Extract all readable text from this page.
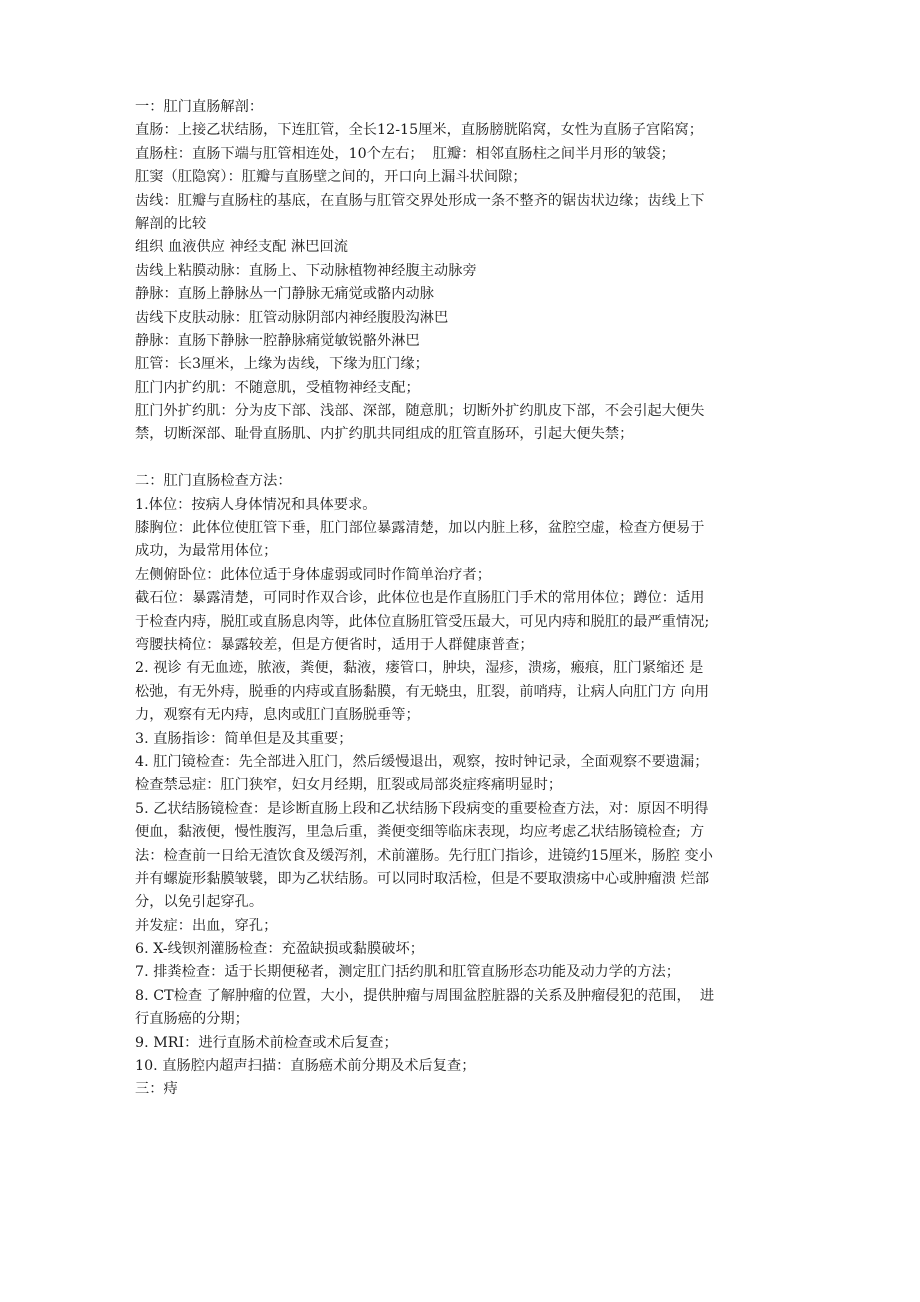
一：肛门直肠解剖：
直肠：上接乙状结肠，下连肛管，全长12-15厘米，直肠膀胱陷窝，女性为直肠子宫陷窝；
直肠柱：直肠下端与肛管相连处，10个左右；  肛瓣：相邻直肠柱之间半月形的皱袋；
肛窦（肛隐窝）：肛瓣与直肠壁之间的，开口向上漏斗状间隙；
齿线：肛瓣与直肠柱的基底，在直肠与肛管交界处形成一条不整齐的锯齿状边缘；齿线上下
解剖的比较
组织 血液供应 神经支配 淋巴回流
齿线上粘膜动脉：直肠上、下动脉植物神经腹主动脉旁
静脉：直肠上静脉丛一门静脉无痛觉或骼内动脉
齿线下皮肤动脉：肛管动脉阴部内神经腹股沟淋巴
静脉：直肠下静脉一腔静脉痛觉敏锐骼外淋巴
肛管：长3厘米，上缘为齿线，下缘为肛门缘；
肛门内扩约肌：不随意肌，受植物神经支配；
肛门外扩约肌：分为皮下部、浅部、深部，随意肌；切断外扩约肌皮下部，不会引起大便失
禁，切断深部、耻骨直肠肌、内扩约肌共同组成的肛管直肠环，引起大便失禁；
二：肛门直肠检查方法：
1.体位：按病人身体情况和具体要求。
膝胸位：此体位使肛管下垂，肛门部位暴露清楚，加以内脏上移，盆腔空虚，检查方便易于
成功，为最常用体位；
左侧俯卧位：此体位适于身体虚弱或同时作简单治疗者；
截石位：暴露清楚，可同时作双合诊，此体位也是作直肠肛门手术的常用体位；蹲位：适用
于检查内痔，脱肛或直肠息肉等，此体位直肠肛管受压最大，可见内痔和脱肛的最严重情况;
弯腰扶椅位：暴露较差，但是方便省时，适用于人群健康普查；
2. 视诊 有无血迹，脓液，粪便，黏液，瘘管口，肿块，湿疹，溃疡，瘢痕，肛门紧缩还 是
松弛，有无外痔，脱垂的内痔或直肠黏膜，有无蛲虫，肛裂，前哨痔，让病人向肛门方 向用
力，观察有无内痔，息肉或肛门直肠脱垂等；
3. 直肠指诊：简单但是及其重要；
4. 肛门镜检查：先全部进入肛门，然后缓慢退出，观察，按时钟记录，全面观察不要遗漏；
检查禁忌症：肛门狭窄，妇女月经期，肛裂或局部炎症疼痛明显时；
5. 乙状结肠镜检查：是诊断直肠上段和乙状结肠下段病变的重要检查方法，对：原因不明得
便血，黏液便，慢性腹泻，里急后重，粪便变细等临床表现，均应考虑乙状结肠镜检查;  方
法：检查前一日给无渣饮食及缓泻剂，术前灌肠。先行肛门指诊，进镜约15厘米，肠腔 变小
并有螺旋形黏膜皱襞，即为乙状结肠。可以同时取活检，但是不要取溃疡中心或肿瘤溃 烂部
分，以免引起穿孔。
并发症：出血，穿孔；
6. X-线钡剂灌肠检查：充盈缺损或黏膜破坏；
7. 排粪检查：适于长期便秘者，测定肛门括约肌和肛管直肠形态功能及动力学的方法；
8. CT检查 了解肿瘤的位置，大小，提供肿瘤与周围盆腔脏器的关系及肿瘤侵犯的范围，  进
行直肠癌的分期；
9. MRI：进行直肠术前检查或术后复查；
10. 直肠腔内超声扫描：直肠癌术前分期及术后复查；
三：痔
